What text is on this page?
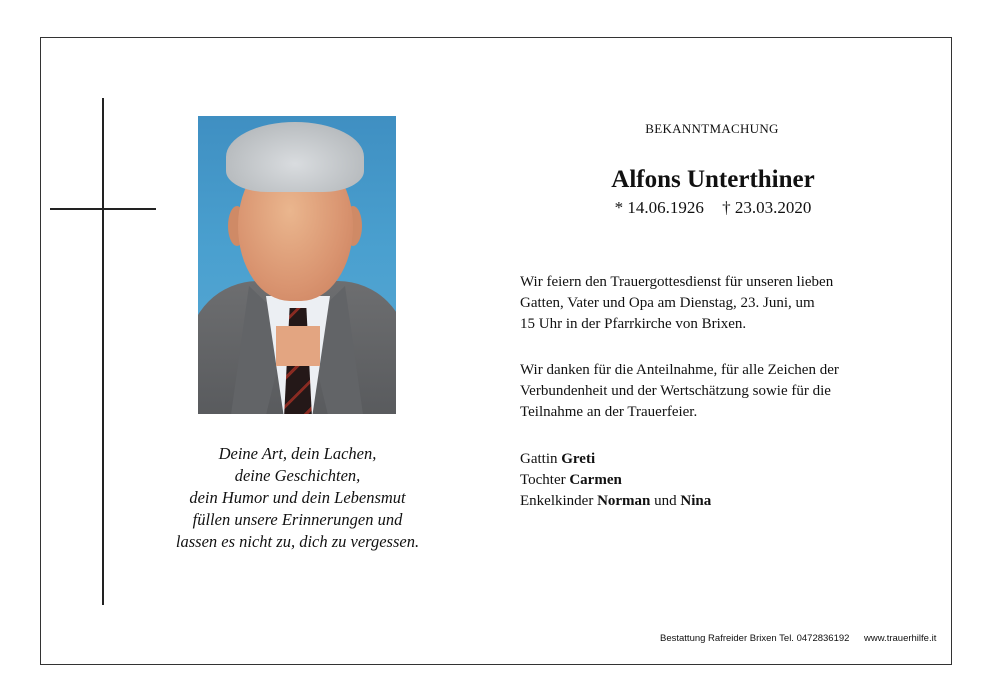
Deine Art, dein Lachen,
deine Geschichten,
dein Humor und dein Lebensmut
füllen unsere Erinnerungen und
lassen es nicht zu, dich zu vergessen.
BEKANNTMACHUNG
Alfons Unterthiner
* 14.06.1926 † 23.03.2020
Wir feiern den Trauergottesdienst für unseren lieben
Gatten, Vater und Opa am Dienstag, 23. Juni, um
15 Uhr in der Pfarrkirche von Brixen.
Wir danken für die Anteilnahme, für alle Zeichen der
Verbundenheit und der Wertschätzung sowie für die
Teilnahme an der Trauerfeier.
Gattin Greti
Tochter Carmen
Enkelkinder Norman und Nina
Bestattung Rafreider Brixen Tel. 0472836192 www.trauerhilfe.it
